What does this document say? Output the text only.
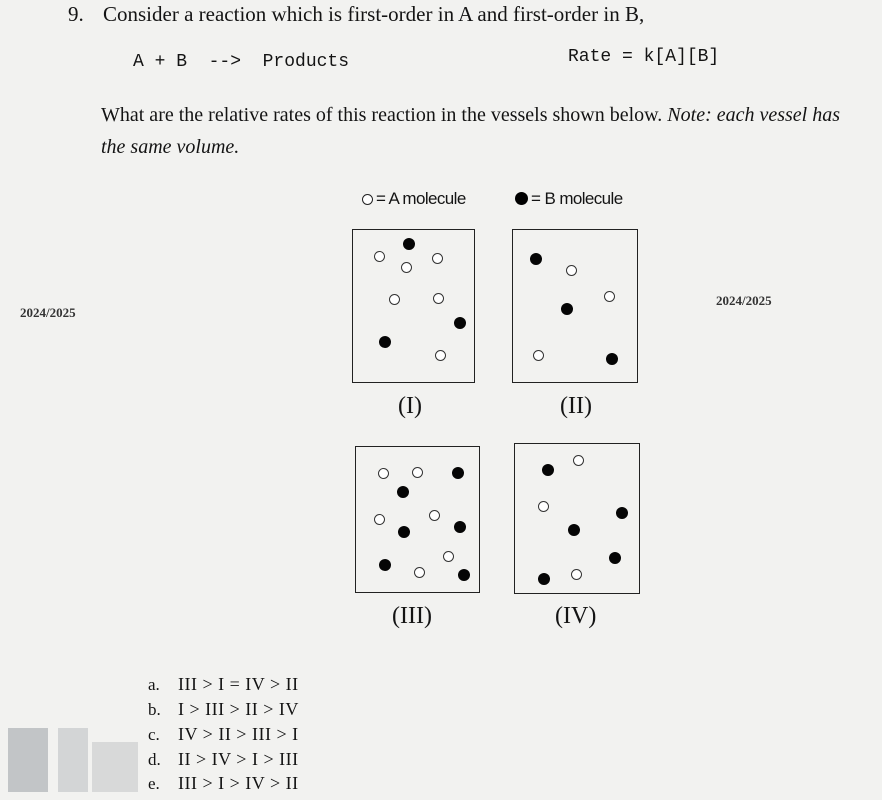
9. Consider a reaction which is first-order in A and first-order in B,
A + B  -->  Products	Rate = k[A][B]
What are the relative rates of this reaction in the vessels shown below. Note: each vessel has the same volume.
= A molecule	= B molecule
2024/2025
2024/2025
(I)	(II)
(III)	(IV)
a. III > I = IV > II
b. I > III > II > IV
c. IV > II > III > I
d. II > IV > I > III
e. III > I > IV > II
